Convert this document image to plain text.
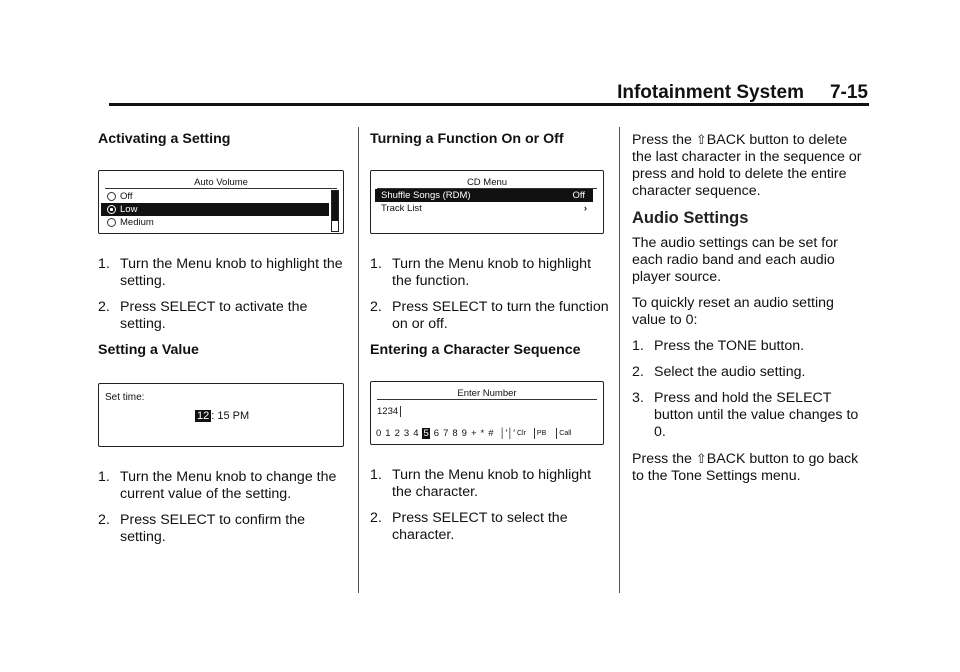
Infotainment System 7-15
Activating a Setting
Auto Volume
Off
Low
Medium
1. Turn the Menu knob to highlight the setting.
2. Press SELECT to activate the setting.
Setting a Value
Set time:
12 : 15 PM
1. Turn the Menu knob to change the current value of the setting.
2. Press SELECT to confirm the setting.
Turning a Function On or Off
CD Menu
Shuffle Songs (RDM)	Off
Track List	›
1. Turn the Menu knob to highlight the function.
2. Press SELECT to turn the function on or off.
Entering a Character Sequence
Enter Number
1234
0 1 2 3 4 5 6 7 8 9 + * # │′│′ Clr PB Call
1. Turn the Menu knob to highlight the character.
2. Press SELECT to select the character.

Press the ⇧BACK button to delete the last character in the sequence or press and hold to delete the entire character sequence.

Audio Settings

The audio settings can be set for each radio band and each audio player source.

To quickly reset an audio setting value to 0:

1. Press the TONE button.
2. Select the audio setting.
3. Press and hold the SELECT button until the value changes to 0.

Press the ⇧BACK button to go back to the Tone Settings menu.
